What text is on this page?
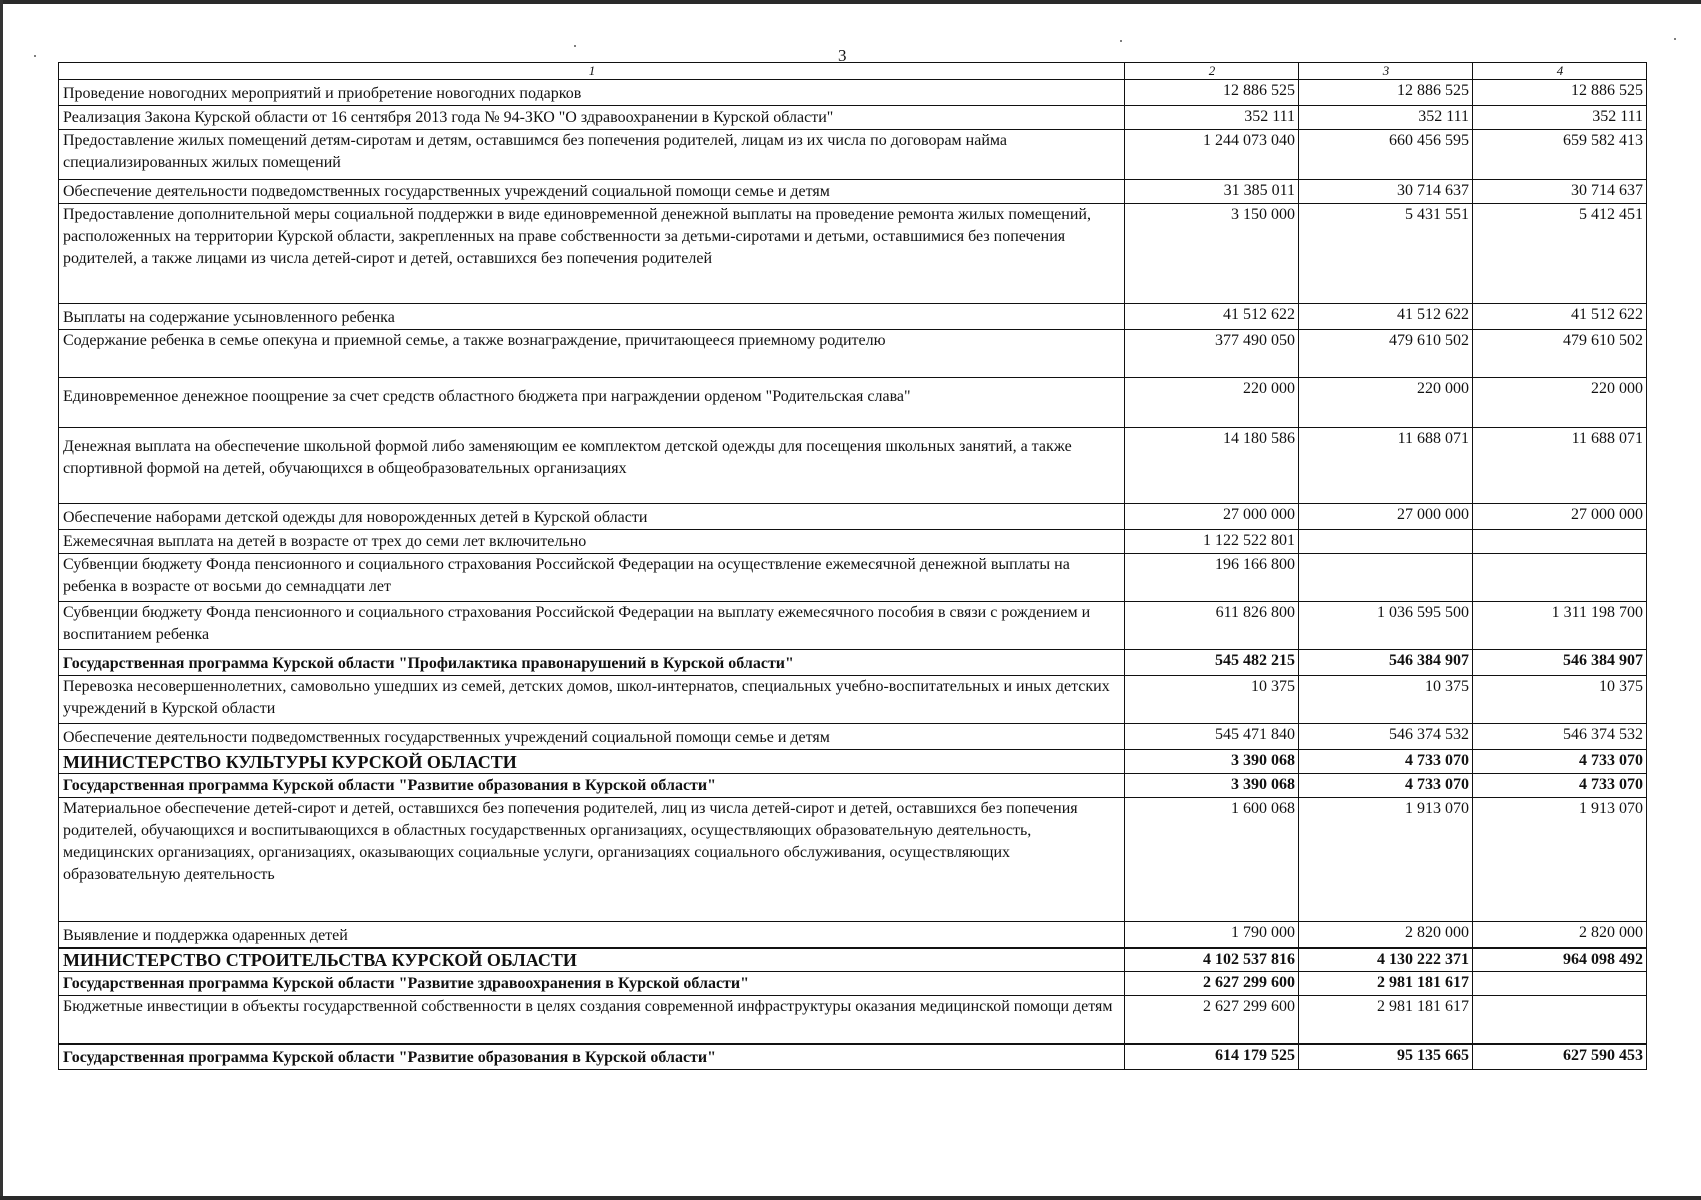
3
1	2	3	4
Проведение новогодних мероприятий и приобретение новогодних подарков	12 886 525	12 886 525	12 886 525
Реализация Закона Курской области от 16 сентября 2013 года № 94-ЗКО "О здравоохранении в Курской области"	352 111	352 111	352 111
Предоставление жилых помещений детям-сиротам и детям, оставшимся без попечения родителей, лицам из их числа по договорам найма специализированных жилых помещений	1 244 073 040	660 456 595	659 582 413
Обеспечение деятельности подведомственных государственных учреждений социальной помощи семье и детям	31 385 011	30 714 637	30 714 637
Предоставление дополнительной меры социальной поддержки в виде единовременной денежной выплаты на проведение ремонта жилых помещений, расположенных на территории Курской области, закрепленных на праве собственности за детьми-сиротами и детьми, оставшимися без попечения родителей, а также лицами из числа детей-сирот и детей, оставшихся без попечения родителей	3 150 000	5 431 551	5 412 451
Выплаты на содержание усыновленного ребенка	41 512 622	41 512 622	41 512 622
Содержание ребенка в семье опекуна и приемной семье, а также вознаграждение, причитающееся приемному родителю	377 490 050	479 610 502	479 610 502
Единовременное денежное поощрение за счет средств областного бюджета при награждении орденом "Родительская слава"	220 000	220 000	220 000
Денежная выплата на обеспечение школьной формой либо заменяющим ее комплектом детской одежды для посещения школьных занятий, а также спортивной формой на детей, обучающихся в общеобразовательных организациях	14 180 586	11 688 071	11 688 071
Обеспечение наборами детской одежды для новорожденных детей в Курской области	27 000 000	27 000 000	27 000 000
Ежемесячная выплата на детей в возрасте от трех до семи лет включительно	1 122 522 801		
Субвенции бюджету Фонда пенсионного и социального страхования Российской Федерации на осуществление ежемесячной денежной выплаты на ребенка в возрасте от восьми до семнадцати лет	196 166 800		
Субвенции бюджету Фонда пенсионного и социального страхования Российской Федерации на выплату ежемесячного пособия в связи с рождением и воспитанием ребенка	611 826 800	1 036 595 500	1 311 198 700
Государственная программа Курской области "Профилактика правонарушений в Курской области"	545 482 215	546 384 907	546 384 907
Перевозка несовершеннолетних, самовольно ушедших из семей, детских домов, школ-интернатов, специальных учебно-воспитательных и иных детских учреждений в Курской области	10 375	10 375	10 375
Обеспечение деятельности подведомственных государственных учреждений социальной помощи семье и детям	545 471 840	546 374 532	546 374 532
МИНИСТЕРСТВО КУЛЬТУРЫ КУРСКОЙ ОБЛАСТИ	3 390 068	4 733 070	4 733 070
Государственная программа Курской области "Развитие образования в Курской области"	3 390 068	4 733 070	4 733 070
Материальное обеспечение детей-сирот и детей, оставшихся без попечения родителей, лиц из числа детей-сирот и детей, оставшихся без попечения родителей, обучающихся и воспитывающихся в областных государственных организациях, осуществляющих образовательную деятельность, медицинских организациях, организациях, оказывающих социальные услуги, организациях социального обслуживания, осуществляющих образовательную деятельность	1 600 068	1 913 070	1 913 070
Выявление и поддержка одаренных детей	1 790 000	2 820 000	2 820 000
МИНИСТЕРСТВО СТРОИТЕЛЬСТВА КУРСКОЙ ОБЛАСТИ	4 102 537 816	4 130 222 371	964 098 492
Государственная программа Курской области "Развитие здравоохранения в Курской области"	2 627 299 600	2 981 181 617	
Бюджетные инвестиции в объекты государственной собственности в целях создания современной инфраструктуры оказания медицинской помощи детям	2 627 299 600	2 981 181 617	
Государственная программа Курской области "Развитие образования в Курской области"	614 179 525	95 135 665	627 590 453
